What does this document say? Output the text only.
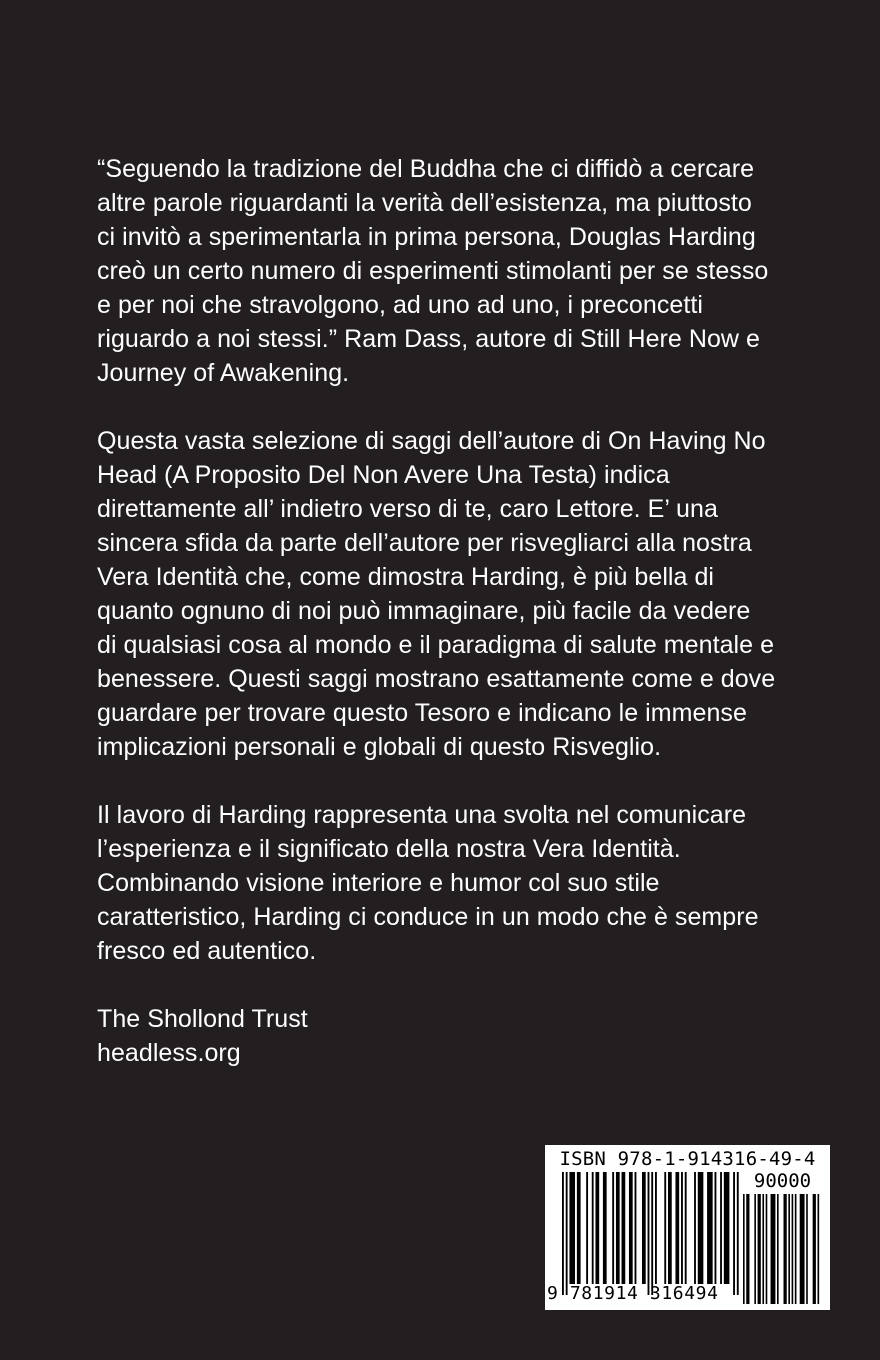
“Seguendo la tradizione del Buddha che ci diffidò a cercare
altre parole riguardanti la verità dell’esistenza, ma piuttosto
ci invitò a sperimentarla in prima persona, Douglas Harding
creò un certo numero di esperimenti stimolanti per se stesso
e per noi che stravolgono, ad uno ad uno, i preconcetti
riguardo a noi stessi.” Ram Dass, autore di Still Here Now e
Journey of Awakening.

Questa vasta selezione di saggi dell’autore di On Having No
Head (A Proposito Del Non Avere Una Testa) indica
direttamente all’ indietro verso di te, caro Lettore. E’ una
sincera sfida da parte dell’autore per risvegliarci alla nostra
Vera Identità che, come dimostra Harding, è più bella di
quanto ognuno di noi può immaginare, più facile da vedere
di qualsiasi cosa al mondo e il paradigma di salute mentale e
benessere. Questi saggi mostrano esattamente come e dove
guardare per trovare questo Tesoro e indicano le immense
implicazioni personali e globali di questo Risveglio.

Il lavoro di Harding rappresenta una svolta nel comunicare
l’esperienza e il significato della nostra Vera Identità.
Combinando visione interiore e humor col suo stile
caratteristico, Harding ci conduce in un modo che è sempre
fresco ed autentico.

The Shollond Trust

headless.org

ISBN 978-1-914316-49-4
90000
9 781914 316494
